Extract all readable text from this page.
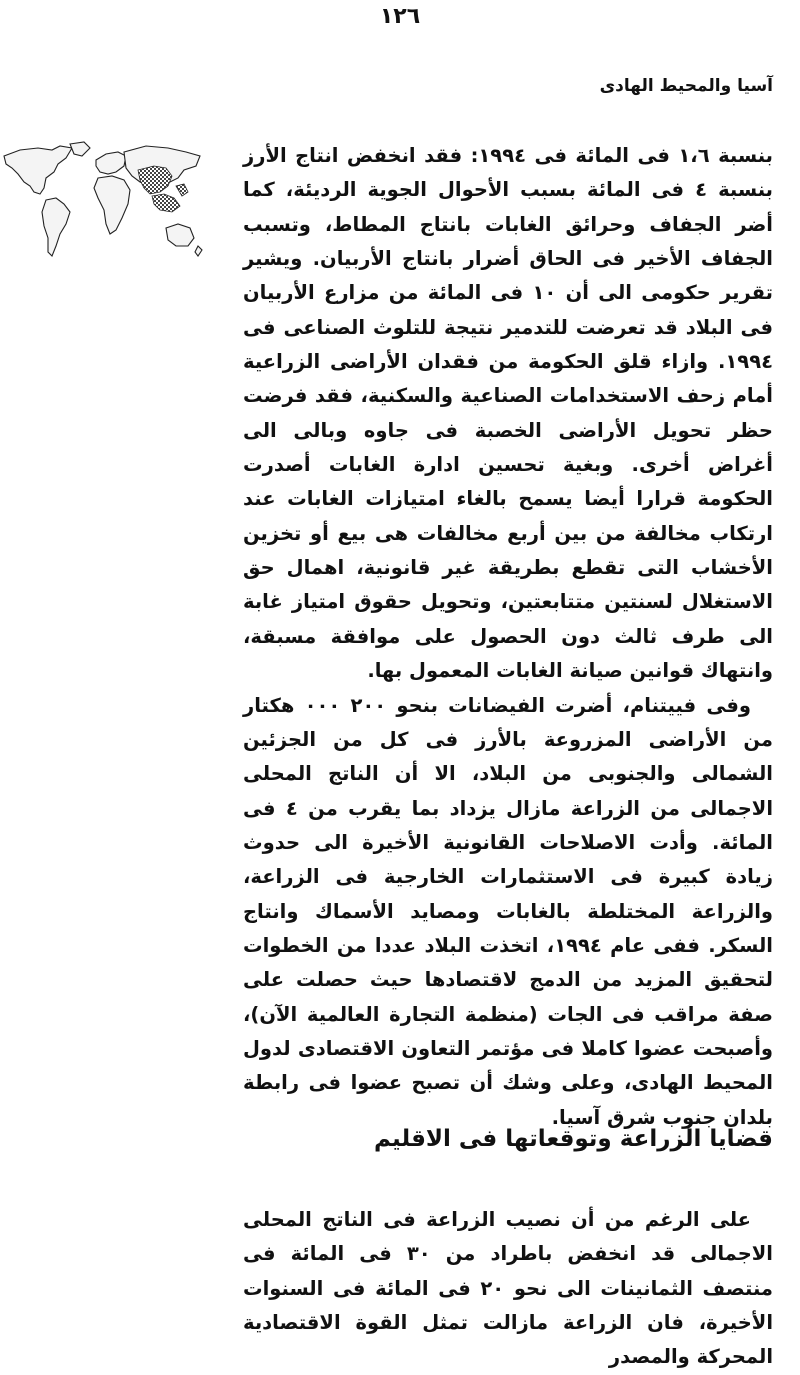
١٢٦
آسيا والمحيط الهادى

بنسبة ١،٦ فى المائة فى ١٩٩٤: فقد انخفض انتاج الأرز بنسبة ٤ فى المائة بسبب الأحوال الجوية الرديئة، كما أضر الجفاف وحرائق الغابات بانتاج المطاط، وتسبب الجفاف الأخير فى الحاق أضرار بانتاج الأربيان. ويشير تقرير حكومى الى أن ١٠ فى المائة من مزارع الأربيان فى البلاد قد تعرضت للتدمير نتيجة للتلوث الصناعى فى ١٩٩٤. وازاء قلق الحكومة من فقدان الأراضى الزراعية أمام زحف الاستخدامات الصناعية والسكنية، فقد فرضت حظر تحويل الأراضى الخصبة فى جاوه وبالى الى أغراض أخرى. وبغية تحسين ادارة الغابات أصدرت الحكومة قرارا أيضا يسمح بالغاء امتيازات الغابات عند ارتكاب مخالفة من بين أربع مخالفات هى بيع أو تخزين الأخشاب التى تقطع بطريقة غير قانونية، اهمال حق الاستغلال لسنتين متتابعتين، وتحويل حقوق امتياز غابة الى طرف ثالث دون الحصول على موافقة مسبقة، وانتهاك قوانين صيانة الغابات المعمول بها.

وفى فييتنام، أضرت الفيضانات بنحو ٢٠٠ ٠٠٠ هكتار من الأراضى المزروعة بالأرز فى كل من الجزئين الشمالى والجنوبى من البلاد، الا أن الناتج المحلى الاجمالى من الزراعة مازال يزداد بما يقرب من ٤ فى المائة. وأدت الاصلاحات القانونية الأخيرة الى حدوث زيادة كبيرة فى الاستثمارات الخارجية فى الزراعة، والزراعة المختلطة بالغابات ومصايد الأسماك وانتاج السكر. ففى عام ١٩٩٤، اتخذت البلاد عددا من الخطوات لتحقيق المزيد من الدمج لاقتصادها حيث حصلت على صفة مراقب فى الجات (منظمة التجارة العالمية الآن)، وأصبحت عضوا كاملا فى مؤتمر التعاون الاقتصادى لدول المحيط الهادى، وعلى وشك أن تصبح عضوا فى رابطة بلدان جنوب شرق آسيا.

قضايا الزراعة وتوقعاتها فى الاقليم

على الرغم من أن نصيب الزراعة فى الناتج المحلى الاجمالى قد انخفض باطراد من ٣٠ فى المائة فى منتصف الثمانينات الى نحو ٢٠ فى المائة فى السنوات الأخيرة، فان الزراعة مازالت تمثل القوة الاقتصادية المحركة والمصدر
